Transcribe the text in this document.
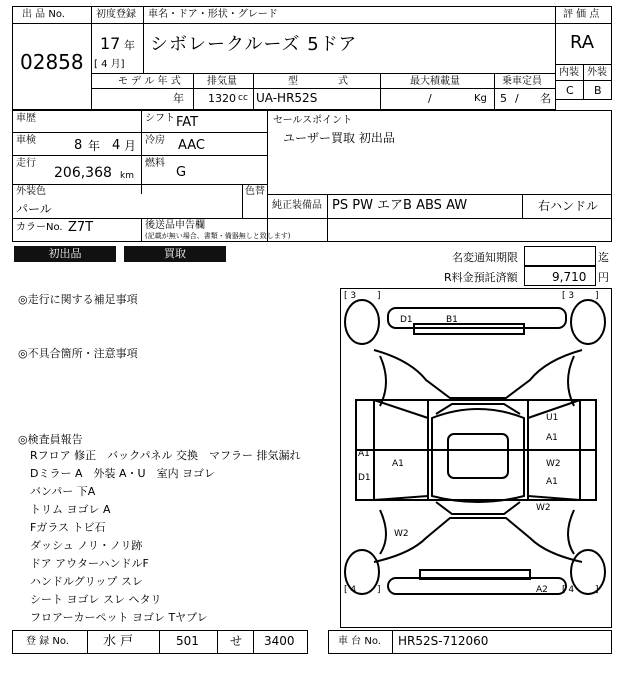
出 品 No.
02858
初度登録 車名・ドア・形状・グレード
17 年
[ 4 月]
シボレークルーズ 5ドア
モ デ ル 年 式	排気量	型　　　　式	最大積載量	乗車定員
年 1320 cc UA-HR52S	/	Kg 5 / 名
評 価 点
RA
内装 外装
C B
車歴	シフト FAT
車検	8 年 4 月 冷房 AAC
走行
206,368 km
燃料
G
外装色
パール
色替
セールスポイント
ユーザー買取 初出品
純正装備品 PS PW エアB ABS AW	右ハンドル
カラーNo. Z7T	後送品申告欄
(記載が無い場合、書類・備器無しと致します)
初出品	買取	名変通知期限	迄
R料金預託済額	9,710 円
◎走行に関する補足事項
◎不具合箇所・注意事項
◎検査員報告
Rフロア 修正　バックパネル 交換　マフラー 排気漏れ
Dミラー A　外装 A・U　室内 ヨゴレ
バンパー 下A
トリム ヨゴレ A
Fガラス トビ石
ダッシュ ノリ・ノリ跡
ドア アウターハンドルF
ハンドルグリップ スレ
シート ヨゴレ スレ ヘタリ
フロアーカーペット ヨゴレ Tヤブレ
[ 3 　　]	[ 3 　　]
[ 4 　　]	[ 4 　　]
D1	B1
U1
A1
A1
A1
D1
W2
A1
W2
W2
A2
登 録 No.	水 戸	501	せ 3400	車 台 No. HR52S-712060
